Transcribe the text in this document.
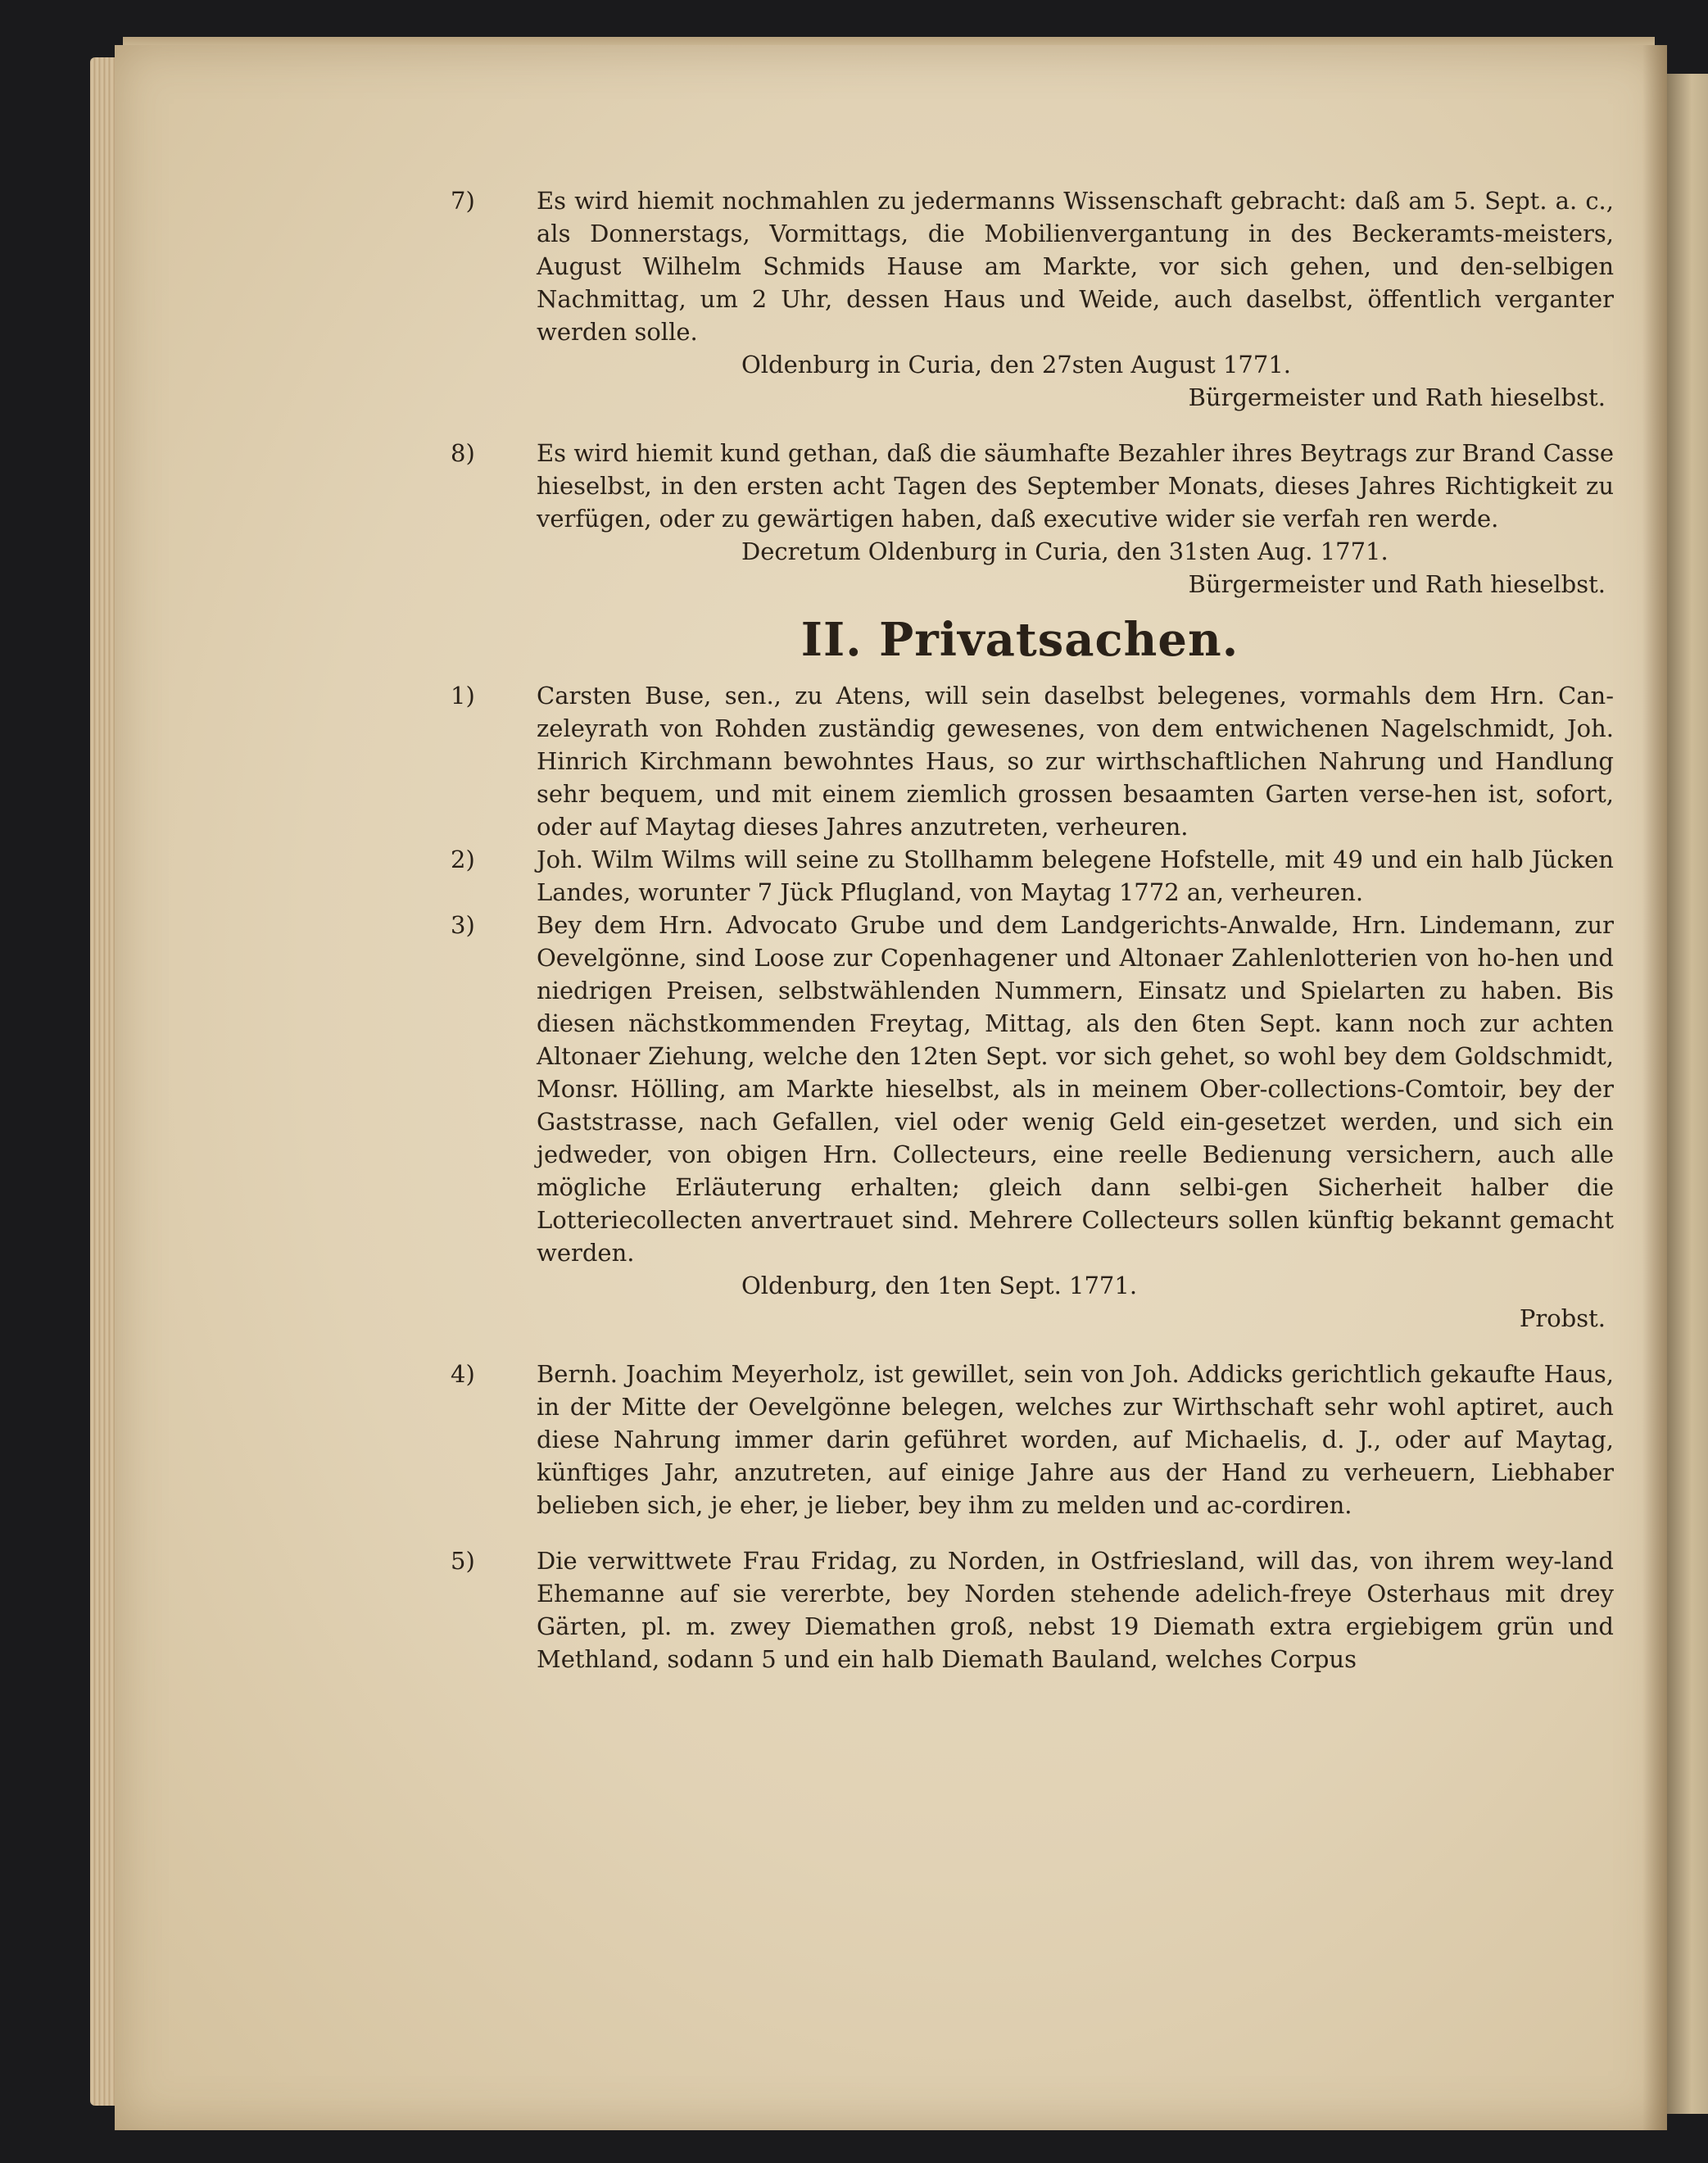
7)	Es wird hiemit nochmahlen zu jedermanns Wissenschaft gebracht: daß am 5. Sept. a. c., als Donnerstags, Vormittags, die Mobilienvergantung in des Beckeramts-meisters, August Wilhelm Schmids Hause am Markte, vor sich gehen, und den-selbigen Nachmittag, um 2 Uhr, dessen Haus und Weide, auch daselbst, öffentlich verganter werden solle.

Oldenburg in Curia, den 27sten August 1771.

Bürgermeister und Rath hieselbst.

8)	Es wird hiemit kund gethan, daß die säumhafte Bezahler ihres Beytrags zur Brand Casse hieselbst, in den ersten acht Tagen des September Monats, dieses Jahres Richtigkeit zu verfügen, oder zu gewärtigen haben, daß executive wider sie verfah ren werde.

Decretum Oldenburg in Curia, den 31sten Aug. 1771.

Bürgermeister und Rath hieselbst.

II. Privatsachen.
1)	Carsten Buse, sen., zu Atens, will sein daselbst belegenes, vormahls dem Hrn. Can-zeleyrath von Rohden zuständig gewesenes, von dem entwichenen Nagelschmidt, Joh. Hinrich Kirchmann bewohntes Haus, so zur wirthschaftlichen Nahrung und Handlung sehr bequem, und mit einem ziemlich grossen besaamten Garten verse-hen ist, sofort, oder auf Maytag dieses Jahres anzutreten, verheuren.

2)	Joh. Wilm Wilms will seine zu Stollhamm belegene Hofstelle, mit 49 und ein halb Jücken Landes, worunter 7 Jück Pflugland, von Maytag 1772 an, verheuren.

3)	Bey dem Hrn. Advocato Grube und dem Landgerichts-Anwalde, Hrn. Lindemann, zur Oevelgönne, sind Loose zur Copenhagener und Altonaer Zahlenlotterien von ho-hen und niedrigen Preisen, selbstwählenden Nummern, Einsatz und Spielarten zu haben. Bis diesen nächstkommenden Freytag, Mittag, als den 6ten Sept. kann noch zur achten Altonaer Ziehung, welche den 12ten Sept. vor sich gehet, so wohl bey dem Goldschmidt, Monsr. Hölling, am Markte hieselbst, als in meinem Ober-collections-Comtoir, bey der Gaststrasse, nach Gefallen, viel oder wenig Geld ein-gesetzet werden, und sich ein jedweder, von obigen Hrn. Collecteurs, eine reelle Bedienung versichern, auch alle mögliche Erläuterung erhalten; gleich dann selbi-gen Sicherheit halber die Lotteriecollecten anvertrauet sind. Mehrere Collecteurs sollen künftig bekannt gemacht werden.

Oldenburg, den 1ten Sept. 1771.

Probst.

4)	Bernh. Joachim Meyerholz, ist gewillet, sein von Joh. Addicks gerichtlich gekaufte Haus, in der Mitte der Oevelgönne belegen, welches zur Wirthschaft sehr wohl aptiret, auch diese Nahrung immer darin geführet worden, auf Michaelis, d. J., oder auf Maytag, künftiges Jahr, anzutreten, auf einige Jahre aus der Hand zu verheuern, Liebhaber belieben sich, je eher, je lieber, bey ihm zu melden und ac-cordiren.

5)	Die verwittwete Frau Fridag, zu Norden, in Ostfriesland, will das, von ihrem wey-land Ehemanne auf sie vererbte, bey Norden stehende adelich-freye Osterhaus mit drey Gärten, pl. m. zwey Diemathen groß, nebst 19 Diemath extra ergiebigem grün und Methland, sodann 5 und ein halb Diemath Bauland, welches Corpus
